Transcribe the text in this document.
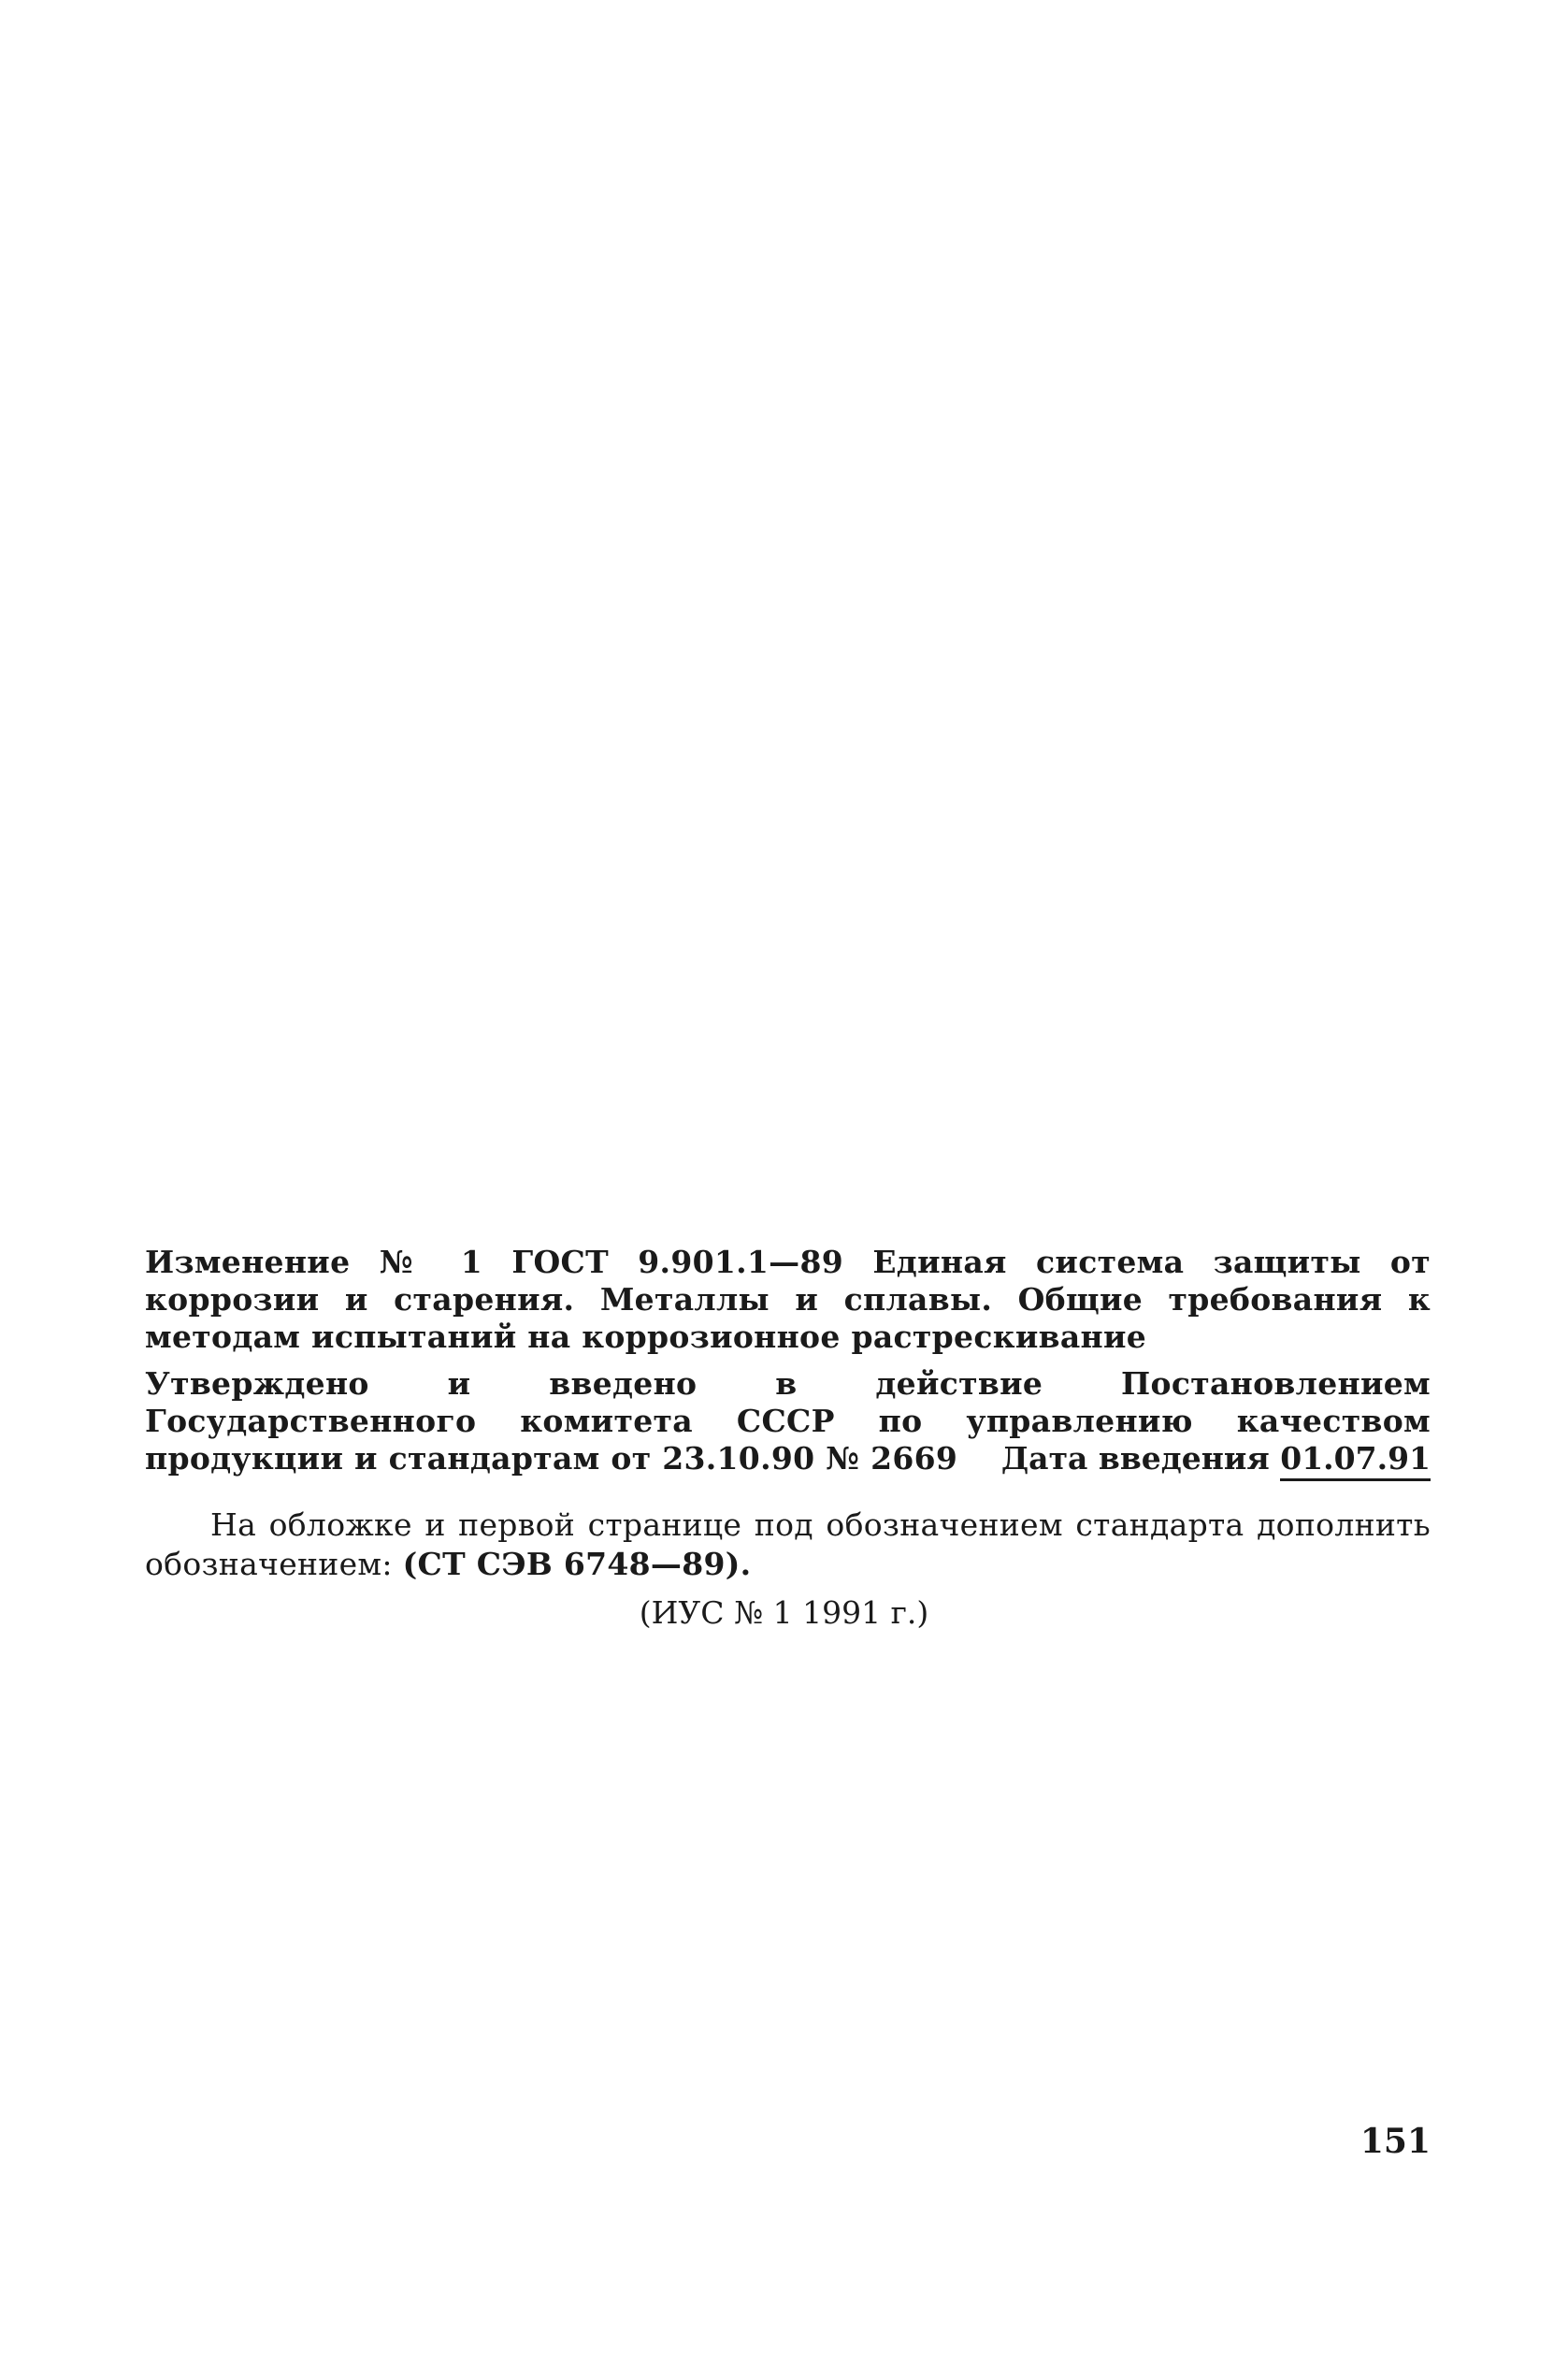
Изменение № 1 ГОСТ 9.901.1—89 Единая система защиты от коррозии и старения. Металлы и сплавы. Общие требования к методам испытаний на коррозионное растрескивание
Утверждено и введено в действие Постановлением Государственного комитета СССР по управлению качеством продукции и стандартам от 23.10.90 № 2669	Дата введения 01.07.91
На обложке и первой странице под обозначением стандарта дополнить обозначением: (СТ СЭВ 6748—89).
(ИУС № 1 1991 г.)
151
